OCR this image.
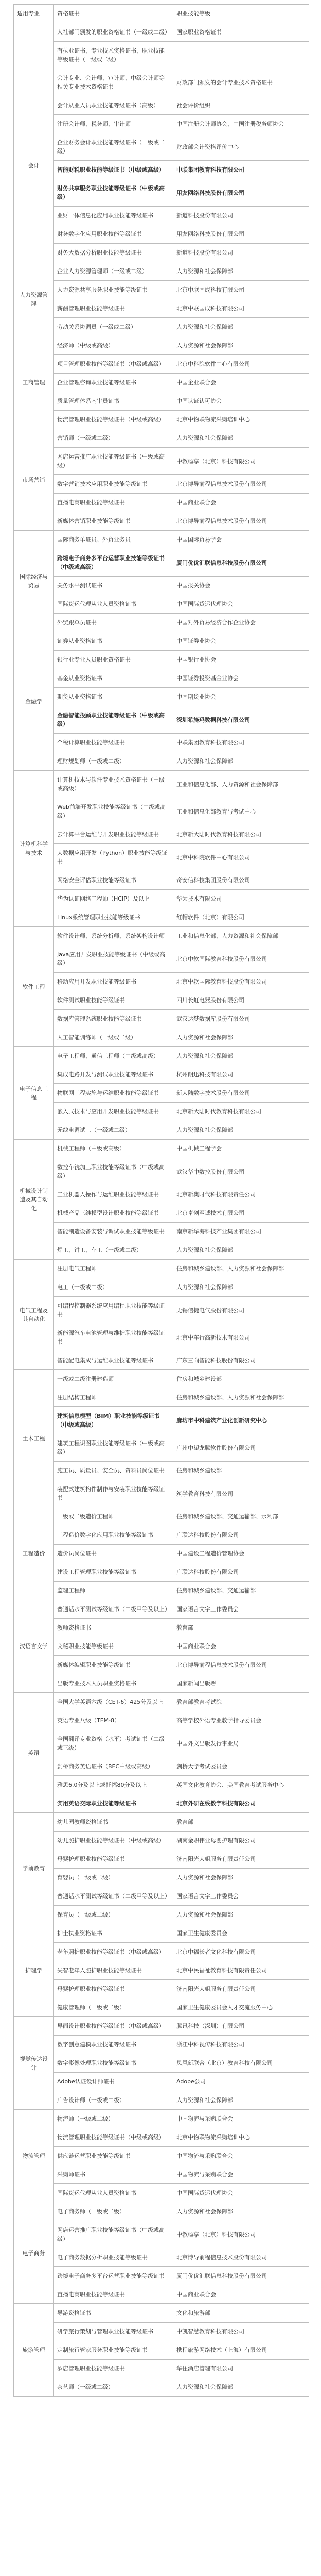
适用专业	资格证书	职业技能等级
	人社部门颁发的职业资格证书（一级或二级）	国家职业资格证书
	有执业证书、专业技术资格证书、职业技能等级证书（一级或二级）	
会计	会计专业、会计师、审计师、中级会计师等相关专业技术资格证书	财政部门颁发的会计专业技术资格证书
	会计从业人员职业技能等级证书（高级）	社会评价组织
	注册会计师、税务师、审计师	中国注册会计师协会、中国注册税务师协会
	企业财务会计职业技能等级证书（一级或二级）	财政部会计资格评价中心
	智能财税职业技能等级证书（中级或高级）	中联集团教育科技有限公司
	财务共享服务职业技能等级证书（中级或高级）	用友网络科技股份有限公司
	业财一体信息化应用职业技能等级证书	新道科技股份有限公司
	财务数字化应用职业技能等级证书	用友网络科技股份有限公司
	财务大数据分析职业技能等级证书	新道科技股份有限公司
人力资源管理	企业人力资源管理师（一级或二级）	人力资源和社会保障部
	人力资源共享服务职业技能等级证书	北京中联国成科技有限公司
	薪酬管理职业技能等级证书	北京中联国成科技有限公司
	劳动关系协调员（一级或二级）	人力资源和社会保障部
工商管理	经济师（中级或高级）	人力资源和社会保障部
	项目管理职业技能等级证书（中级或高级）	北京中科院软件中心有限公司
	企业管理咨询职业技能等级证书	中国企业联合会
	质量管理体系内审员证书	中国认证认可协会
	物流管理职业技能等级证书（中级或高级）	北京中物联物流采购培训中心
市场营销	营销师（一级或二级）	人力资源和社会保障部
	网店运营推广职业技能等级证书（中级或高级）	中教畅享（北京）科技有限公司
	数字营销技术应用职业技能等级证书	北京博导前程信息技术股份有限公司
	直播电商职业技能等级证书	中国商业联合会
	新媒体营销职业技能等级证书	北京博导前程信息技术股份有限公司
国际经济与贸易	国际商务单证员、外贸业务员	中国国际贸易学会
	跨境电子商务多平台运营职业技能等级证书（中级或高级）	厦门优优汇联信息科技股份有限公司
	关务水平测试证书	中国报关协会
	国际货运代理从业人员资格证书	中国国际货运代理协会
	外贸跟单员证书	中国对外贸易经济合作企业协会
金融学	证券从业资格证书	中国证券业协会
	银行业专业人员职业资格证书	中国银行业协会
	基金从业资格证书	中国证券投资基金业协会
	期货从业资格证书	中国期货业协会
	金融智能投顾职业技能等级证书（中级或高级）	深圳希施玛数据科技有限公司
	个税计算职业技能等级证书	中联集团教育科技有限公司
	理财规划师（一级或二级）	人力资源和社会保障部
计算机科学与技术	计算机技术与软件专业技术资格证书（中级或高级）	工业和信息化部、人力资源和社会保障部
	Web前端开发职业技能等级证书（中级或高级）	工业和信息化部教育与考试中心
	云计算平台运维与开发职业技能等级证书	北京新大陆时代教育科技有限公司
	大数据应用开发（Python）职业技能等级证书	北京中科院软件中心有限公司
	网络安全评估职业技能等级证书	奇安信科技集团股份有限公司
	华为认证网络工程师（HCIP）及以上	华为技术有限公司
	Linux系统管理职业技能等级证书	红帽软件（北京）有限公司
软件工程	软件设计师、系统分析师、系统架构设计师	工业和信息化部、人力资源和社会保障部
	Java应用开发职业技能等级证书（中级或高级）	北京中软国际教育科技股份有限公司
	移动应用开发职业技能等级证书	北京中软国际教育科技股份有限公司
	软件测试职业技能等级证书	四川长虹电器股份有限公司
	数据库管理系统职业技能等级证书	武汉达梦数据库股份有限公司
	人工智能训练师（一级或二级）	人力资源和社会保障部
电子信息工程	电子工程师、通信工程师（中级或高级）	人力资源和社会保障部
	集成电路开发与测试职业技能等级证书	杭州朗迅科技有限公司
	物联网工程实施与运维职业技能等级证书	新大陆数字技术股份有限公司
	嵌入式技术与应用开发职业技能等级证书	北京新大陆时代教育科技有限公司
	无线电调试工（一级或二级）	人力资源和社会保障部
机械设计制造及其自动化	机械工程师（中级或高级）	中国机械工程学会
	数控车铣加工职业技能等级证书（中级或高级）	武汉华中数控股份有限公司
	工业机器人操作与运维职业技能等级证书	北京新奥时代科技有限责任公司
	机械产品三维模型设计职业技能等级证书	北京卓创至诚技术有限公司
	智能制造设备安装与调试职业技能等级证书	南京新华海科技产业集团有限公司
	焊工、钳工、车工（一级或二级）	人力资源和社会保障部
电气工程及其自动化	注册电气工程师	住房和城乡建设部、人力资源和社会保障部
	电工（一级或二级）	人力资源和社会保障部
	可编程控制器系统应用编程职业技能等级证书	无锡信捷电气股份有限公司
	新能源汽车电池管理与维护职业技能等级证书	北京中车行高新技术有限公司
	智能配电集成与运维职业技能等级证书	广东三向智能科技股份有限公司
土木工程	一级或二级注册建造师	住房和城乡建设部
	注册结构工程师	住房和城乡建设部、人力资源和社会保障部
	建筑信息模型（BIM）职业技能等级证书（中级或高级）	廊坊市中科建筑产业化创新研究中心
	建筑工程识图职业技能等级证书（中级或高级）	广州中望龙腾软件股份有限公司
	施工员、质量员、安全员、资料员岗位证书	住房和城乡建设部
	装配式建筑构件制作与安装职业技能等级证书	筑学教育科技有限公司
工程造价	一级或二级造价工程师	住房和城乡建设部、交通运输部、水利部
	工程造价数字化应用职业技能等级证书	广联达科技股份有限公司
	造价员岗位证书	中国建设工程造价管理协会
	建设工程管理职业技能等级证书	广联达科技股份有限公司
	监理工程师	住房和城乡建设部、交通运输部
汉语言文学	普通话水平测试等级证书（二级甲等及以上）	国家语言文字工作委员会
	教师资格证书	教育部
	文秘职业技能等级证书	中国商业联合会
	新媒体编辑职业技能等级证书	北京博导前程信息技术股份有限公司
	出版专业技术人员职业资格证书	国家新闻出版署
英语	全国大学英语六级（CET-6）425分及以上	教育部教育考试院
	英语专业八级（TEM-8）	高等学校外语专业教学指导委员会
	全国翻译专业资格（水平）考试证书（二级或三级）	中国外文出版发行事业局
	剑桥商务英语证书（BEC中级或高级）	剑桥大学考试委员会
	雅思6.0分及以上或托福80分及以上	英国文化教育协会、美国教育考试服务中心
	实用英语交际职业技能等级证书	北京外研在线数字科技有限公司
学前教育	幼儿园教师资格证书	教育部
	幼儿照护职业技能等级证书（中级或高级）	湖南金职伟业母婴护理有限公司
	母婴护理职业技能等级证书	济南阳光大姐服务有限责任公司
	育婴员（一级或二级）	人力资源和社会保障部
	普通话水平测试等级证书（二级甲等及以上）	国家语言文字工作委员会
	保育员（一级或二级）	人力资源和社会保障部
护理学	护士执业资格证书	国家卫生健康委员会
	老年照护职业技能等级证书（中级或高级）	北京中福长者文化科技有限公司
	失智老年人照护职业技能等级证书	北京中民福祉教育科技有限责任公司
	母婴护理职业技能等级证书	济南阳光大姐服务有限责任公司
	健康管理师（一级或二级）	国家卫生健康委员会人才交流服务中心
视觉传达设计	界面设计职业技能等级证书（中级或高级）	腾讯科技（深圳）有限公司
	数字创意建模职业技能等级证书	浙江中科视传科技有限公司
	数字影像处理职业技能等级证书	凤凰新联合（北京）教育科技有限公司
	Adobe认证设计师证书	Adobe公司
	广告设计师（一级或二级）	人力资源和社会保障部
物流管理	物流师（一级或二级）	中国物流与采购联合会
	物流管理职业技能等级证书（中级或高级）	北京中物联物流采购培训中心
	供应链运营职业技能等级证书	中国物流与采购联合会
	采购师证书	中国物流与采购联合会
	国际货运代理从业人员资格证书	中国国际货运代理协会
电子商务	电子商务师（一级或二级）	人力资源和社会保障部
	网店运营推广职业技能等级证书（中级或高级）	中教畅享（北京）科技有限公司
	电子商务数据分析职业技能等级证书	北京博导前程信息技术股份有限公司
	跨境电子商务多平台运营职业技能等级证书	厦门优优汇联信息科技股份有限公司
	直播电商职业技能等级证书	中国商业联合会
旅游管理	导游资格证书	文化和旅游部
	研学旅行策划与管理职业技能等级证书	中凯智慧教育科技有限公司
	定制旅行管家服务职业技能等级证书	携程旅游网络技术（上海）有限公司
	酒店管理职业技能等级证书	华住酒店管理有限公司
	茶艺师（一级或二级）	人力资源和社会保障部
